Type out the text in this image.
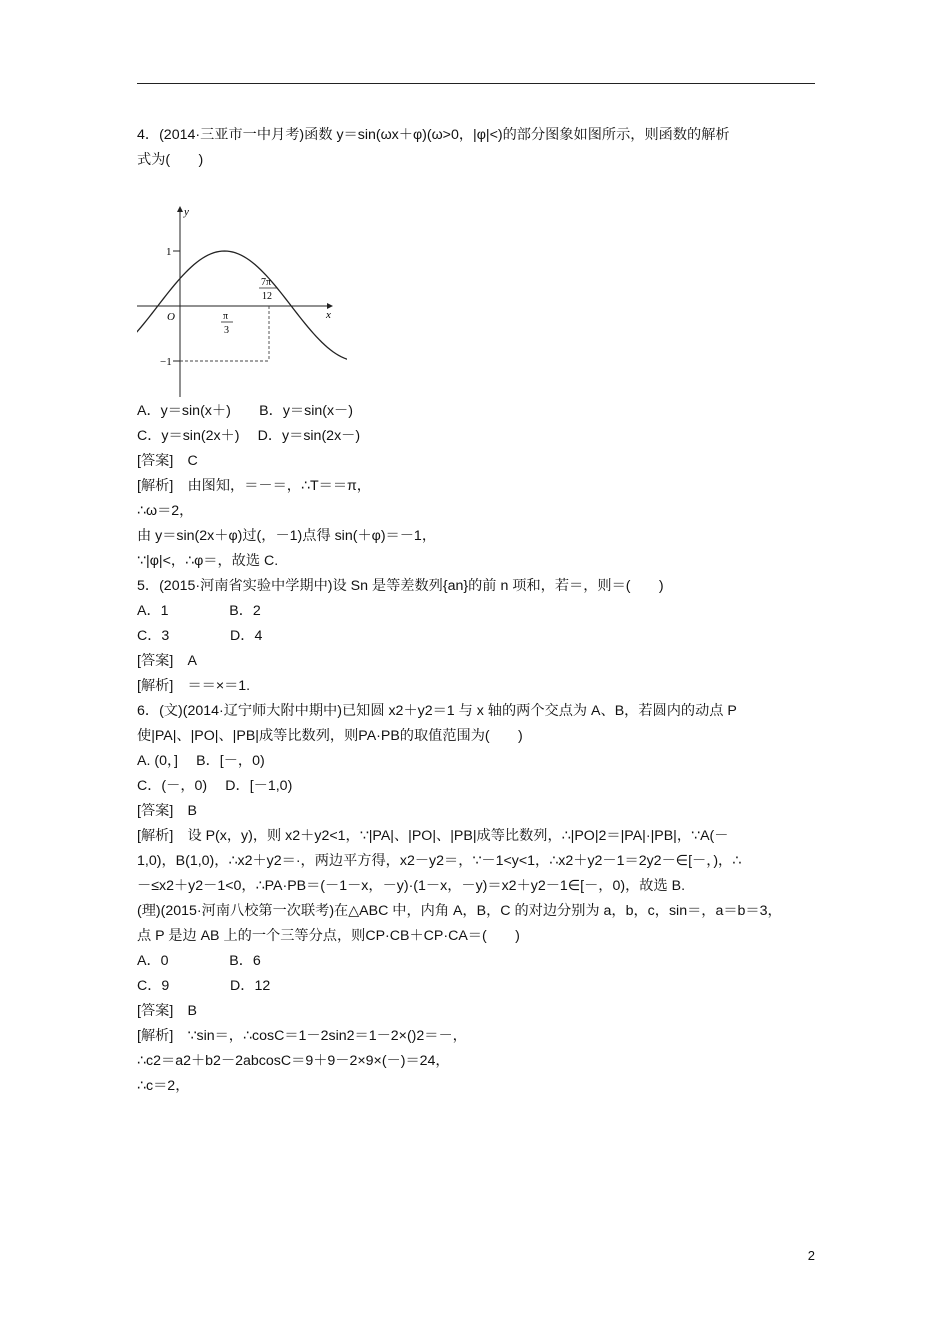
4．(2014·三亚市一中月考)函数 y＝sin(ωx＋φ)(ω>0，|φ|<)的部分图象如图所示，则函数的解析
式为(　　)
y
x
O
1
−1
π
3
7π
12
A．y＝sin(x＋)　　B．y＝sin(x－)
C．y＝sin(2x＋)　 D．y＝sin(2x－)
[答案]　C
[解析]　由图知，＝－＝，∴T＝＝π，
∴ω＝2，
由 y＝sin(2x＋φ)过(，－1)点得 sin(＋φ)＝－1，
∵|φ|<，∴φ＝，故选 C.
5．(2015·河南省实验中学期中)设 Sn 是等差数列{an}的前 n 项和，若＝，则＝(　　)
A．1　　　　 B．2
C．3　　　　 D．4
[答案]　A
[解析]　＝＝×＝1.
6．(文)(2014·辽宁师大附中期中)已知圆 x2＋y2＝1 与 x 轴的两个交点为 A、B，若圆内的动点 P
使|PA|、|PO|、|PB|成等比数列，则PA·PB的取值范围为(　　)
A. (0，]　 B．[－，0)
C．(－，0)　 D．[－1,0)
[答案]　B
[解析]　设 P(x，y)，则 x2＋y2<1，∵|PA|、|PO|、|PB|成等比数列，∴|PO|2＝|PA|·|PB|，∵A(－
1,0)，B(1,0)，∴x2＋y2＝·，两边平方得，x2－y2＝，∵－1<y<1，∴x2＋y2－1＝2y2－∈[－，)，∴
－≤x2＋y2－1<0，∴PA·PB＝(－1－x，－y)·(1－x，－y)＝x2＋y2－1∈[－，0)，故选 B.
(理)(2015·河南八校第一次联考)在△ABC 中，内角 A，B，C 的对边分别为 a，b，c，sin＝，a＝b＝3，
点 P 是边 AB 上的一个三等分点，则CP·CB＋CP·CA＝(　　)
A．0　　　　 B．6
C．9　　　　 D．12
[答案]　B
[解析]　∵sin＝，∴cosC＝1－2sin2＝1－2×()2＝－，
∴c2＝a2＋b2－2abcosC＝9＋9－2×9×(－)＝24，
∴c＝2，
2
